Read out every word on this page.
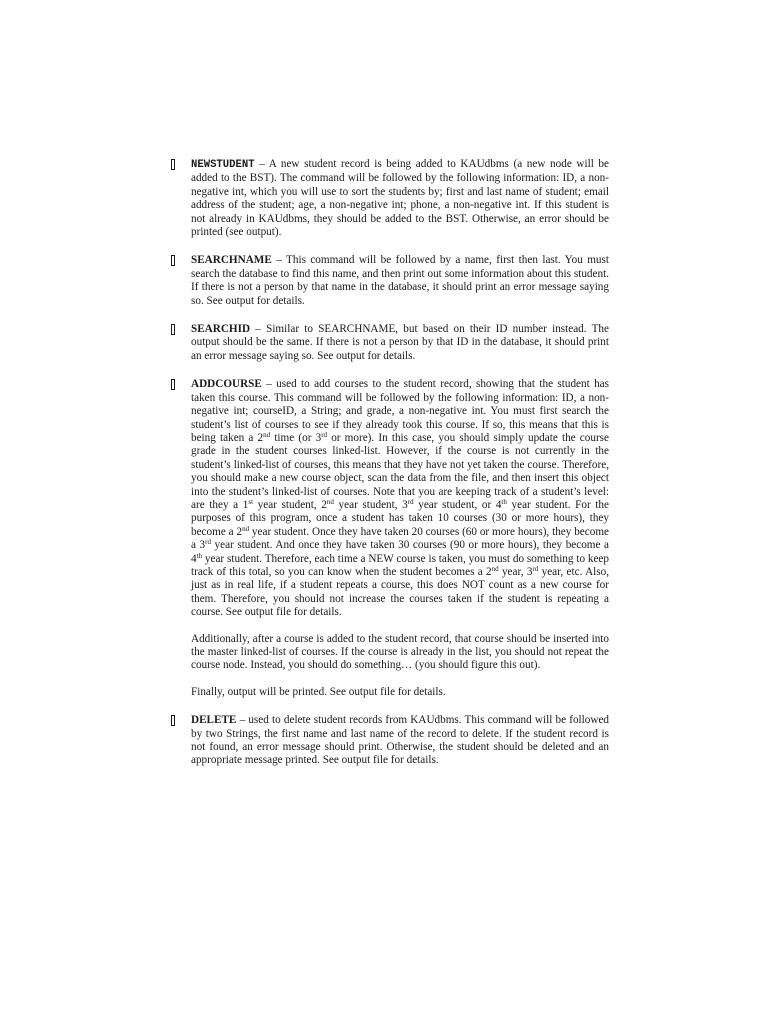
NEWSTUDENT – A new student record is being added to KAUdbms (a new node will be added to the BST). The command will be followed by the following information: ID, a non-negative int, which you will use to sort the students by; first and last name of student; email address of the student; age, a non-negative int; phone, a non-negative int. If this student is not already in KAUdbms, they should be added to the BST. Otherwise, an error should be printed (see output).

SEARCHNAME – This command will be followed by a name, first then last. You must search the database to find this name, and then print out some information about this student. If there is not a person by that name in the database, it should print an error message saying so. See output for details.

SEARCHID – Similar to SEARCHNAME, but based on their ID number instead. The output should be the same. If there is not a person by that ID in the database, it should print an error message saying so. See output for details.

ADDCOURSE – used to add courses to the student record, showing that the student has taken this course. This command will be followed by the following information: ID, a non-negative int; courseID, a String; and grade, a non-negative int. You must first search the student’s list of courses to see if they already took this course. If so, this means that this is being taken a 2nd time (or 3rd or more). In this case, you should simply update the course grade in the student courses linked-list. However, if the course is not currently in the student’s linked-list of courses, this means that they have not yet taken the course. Therefore, you should make a new course object, scan the data from the file, and then insert this object into the student’s linked-list of courses. Note that you are keeping track of a student’s level: are they a 1st year student, 2nd year student, 3rd year student, or 4th year student. For the purposes of this program, once a student has taken 10 courses (30 or more hours), they become a 2nd year student. Once they have taken 20 courses (60 or more hours), they become a 3rd year student. And once they have taken 30 courses (90 or more hours), they become a 4th year student. Therefore, each time a NEW course is taken, you must do something to keep track of this total, so you can know when the student becomes a 2nd year, 3rd year, etc. Also, just as in real life, if a student repeats a course, this does NOT count as a new course for them. Therefore, you should not increase the courses taken if the student is repeating a course. See output file for details.

Additionally, after a course is added to the student record, that course should be inserted into the master linked-list of courses. If the course is already in the list, you should not repeat the course node. Instead, you should do something… (you should figure this out).

Finally, output will be printed. See output file for details.

DELETE – used to delete student records from KAUdbms. This command will be followed by two Strings, the first name and last name of the record to delete. If the student record is not found, an error message should print. Otherwise, the student should be deleted and an appropriate message printed. See output file for details.
